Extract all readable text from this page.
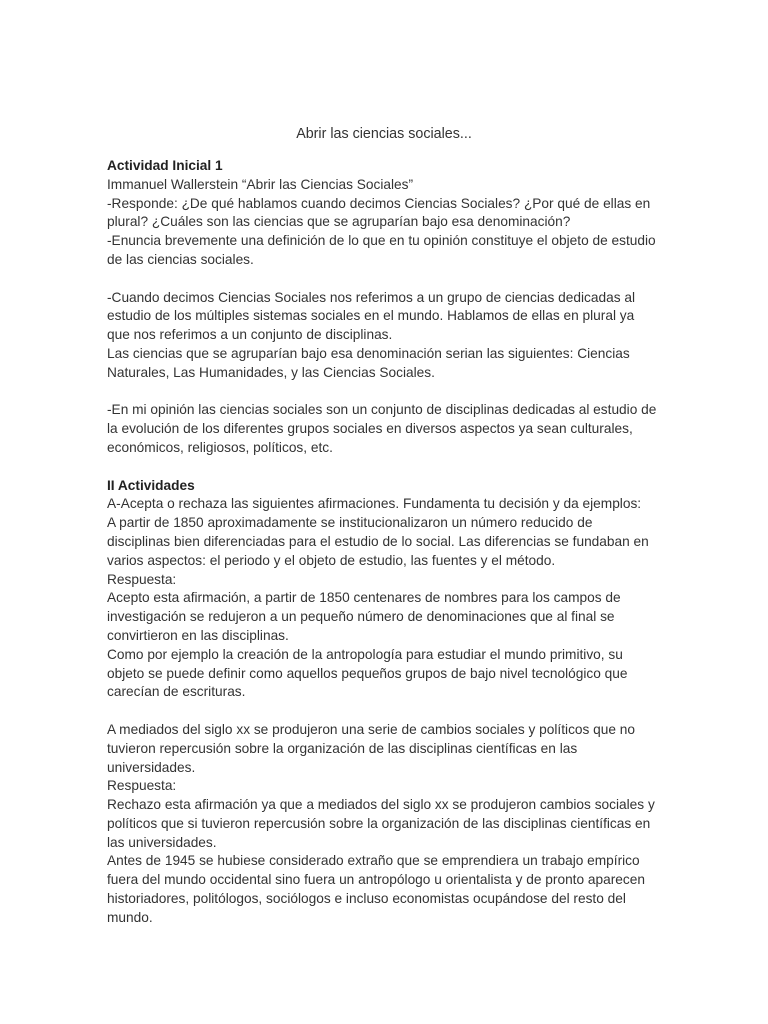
Abrir las ciencias sociales...
Actividad Inicial 1
Immanuel Wallerstein “Abrir las Ciencias Sociales”
-Responde: ¿De qué hablamos cuando decimos Ciencias Sociales? ¿Por qué de ellas en
plural? ¿Cuáles son las ciencias que se agruparían bajo esa denominación?
-Enuncia brevemente una definición de lo que en tu opinión constituye el objeto de estudio
de las ciencias sociales.
-Cuando decimos Ciencias Sociales nos referimos a un grupo de ciencias dedicadas al
estudio de los múltiples sistemas sociales en el mundo. Hablamos de ellas en plural ya
que nos referimos a un conjunto de disciplinas.
Las ciencias que se agruparían bajo esa denominación serian las siguientes: Ciencias
Naturales, Las Humanidades, y las Ciencias Sociales.
-En mi opinión las ciencias sociales son un conjunto de disciplinas dedicadas al estudio de
la evolución de los diferentes grupos sociales en diversos aspectos ya sean culturales,
económicos, religiosos, políticos, etc.
II Actividades
A-Acepta o rechaza las siguientes afirmaciones. Fundamenta tu decisión y da ejemplos:
A partir de 1850 aproximadamente se institucionalizaron un número reducido de
disciplinas bien diferenciadas para el estudio de lo social. Las diferencias se fundaban en
varios aspectos: el periodo y el objeto de estudio, las fuentes y el método.
Respuesta:
Acepto esta afirmación, a partir de 1850 centenares de nombres para los campos de
investigación se redujeron a un pequeño número de denominaciones que al final se
convirtieron en las disciplinas.
Como por ejemplo la creación de la antropología para estudiar el mundo primitivo, su
objeto se puede definir como aquellos pequeños grupos de bajo nivel tecnológico que
carecían de escrituras.
A mediados del siglo xx se produjeron una serie de cambios sociales y políticos que no
tuvieron repercusión sobre la organización de las disciplinas científicas en las
universidades.
Respuesta:
Rechazo esta afirmación ya que a mediados del siglo xx se produjeron cambios sociales y
políticos que si tuvieron repercusión sobre la organización de las disciplinas científicas en
las universidades.
Antes de 1945 se hubiese considerado extraño que se emprendiera un trabajo empírico
fuera del mundo occidental sino fuera un antropólogo u orientalista y de pronto aparecen
historiadores, politólogos, sociólogos e incluso economistas ocupándose del resto del
mundo.
